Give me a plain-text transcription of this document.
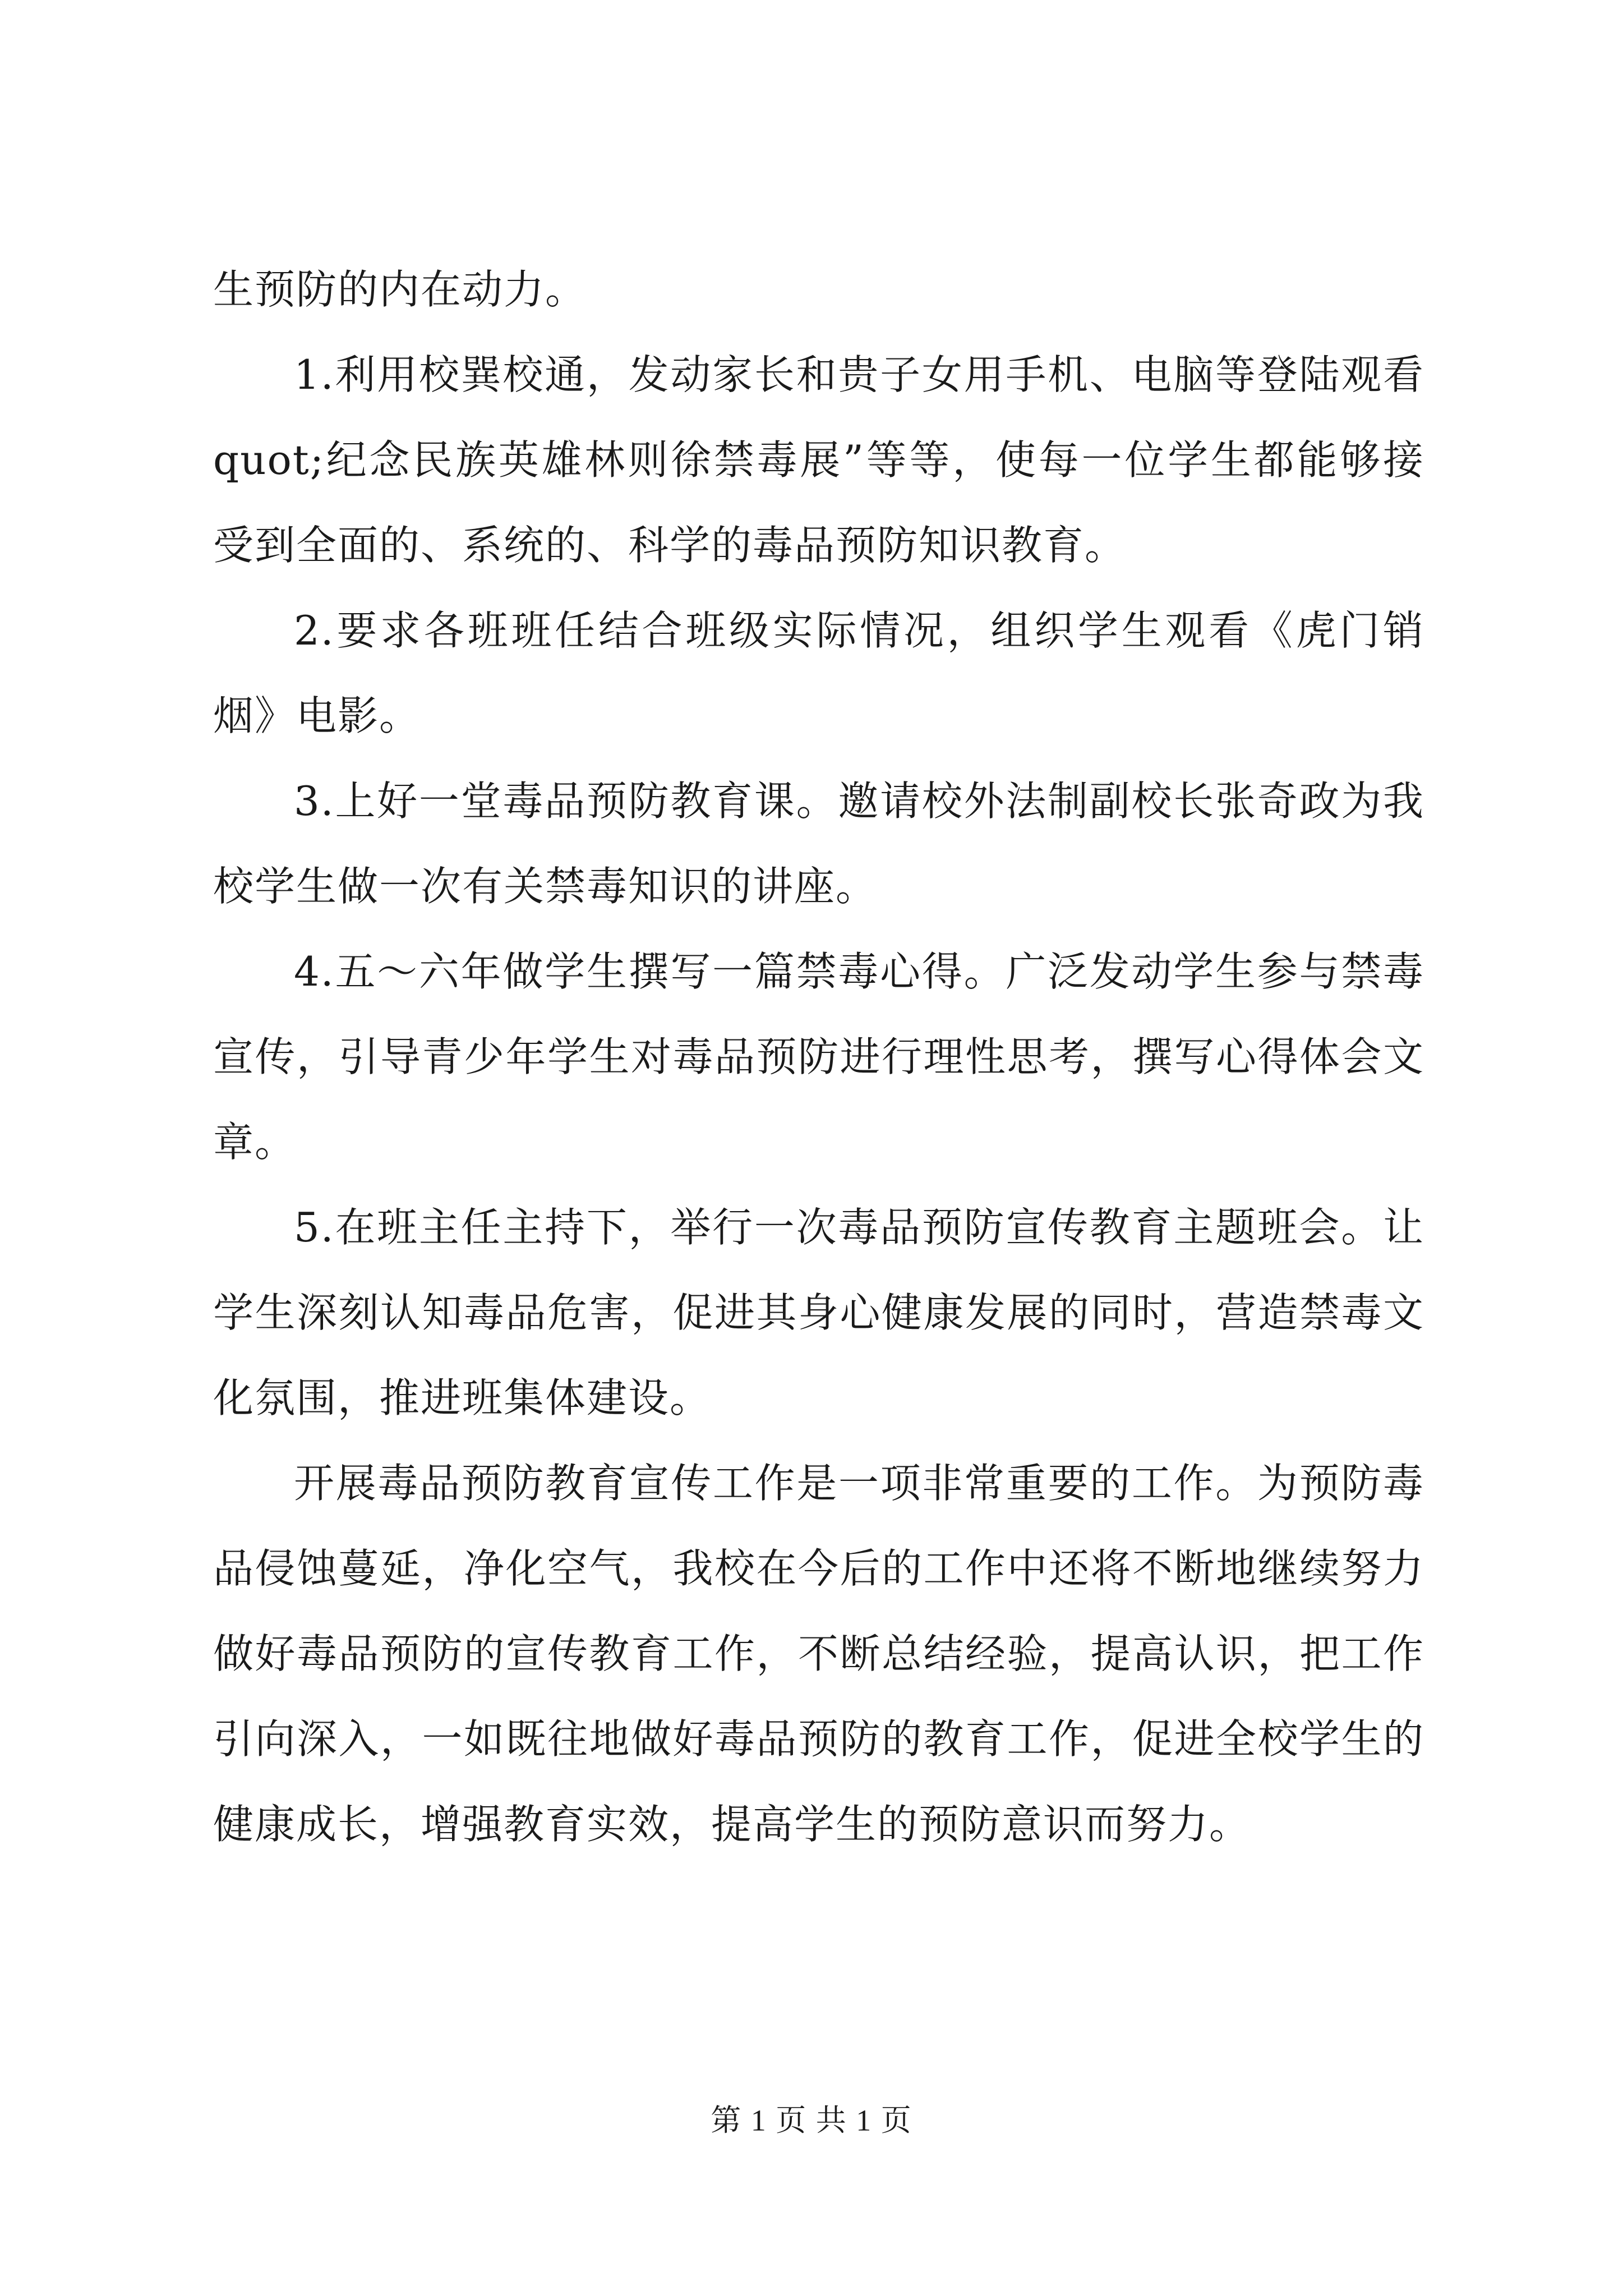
生预防的内在动力。

1.利用校巽校通，发动家长和贵子女用手机、电脑等登陆观看quot;纪念民族英雄林则徐禁毒展”等等，使每一位学生都能够接受到全面的、系统的、科学的毒品预防知识教育。

2.要求各班班任结合班级实际情况，组织学生观看《虎门销烟》电影。

3.上好一堂毒品预防教育课。邀请校外法制副校长张奇政为我校学生做一次有关禁毒知识的讲座。

4.五～六年做学生撰写一篇禁毒心得。广泛发动学生参与禁毒宣传，引导青少年学生对毒品预防进行理性思考，撰写心得体会文章。

5.在班主任主持下，举行一次毒品预防宣传教育主题班会。让学生深刻认知毒品危害，促进其身心健康发展的同时，营造禁毒文化氛围，推进班集体建设。

开展毒品预防教育宣传工作是一项非常重要的工作。为预防毒品侵蚀蔓延，净化空气，我校在今后的工作中还将不断地继续努力做好毒品预防的宣传教育工作，不断总结经验，提高认识，把工作引向深入，一如既往地做好毒品预防的教育工作，促进全校学生的健康成长，增强教育实效，提高学生的预防意识而努力。

第 1 页 共 1 页
